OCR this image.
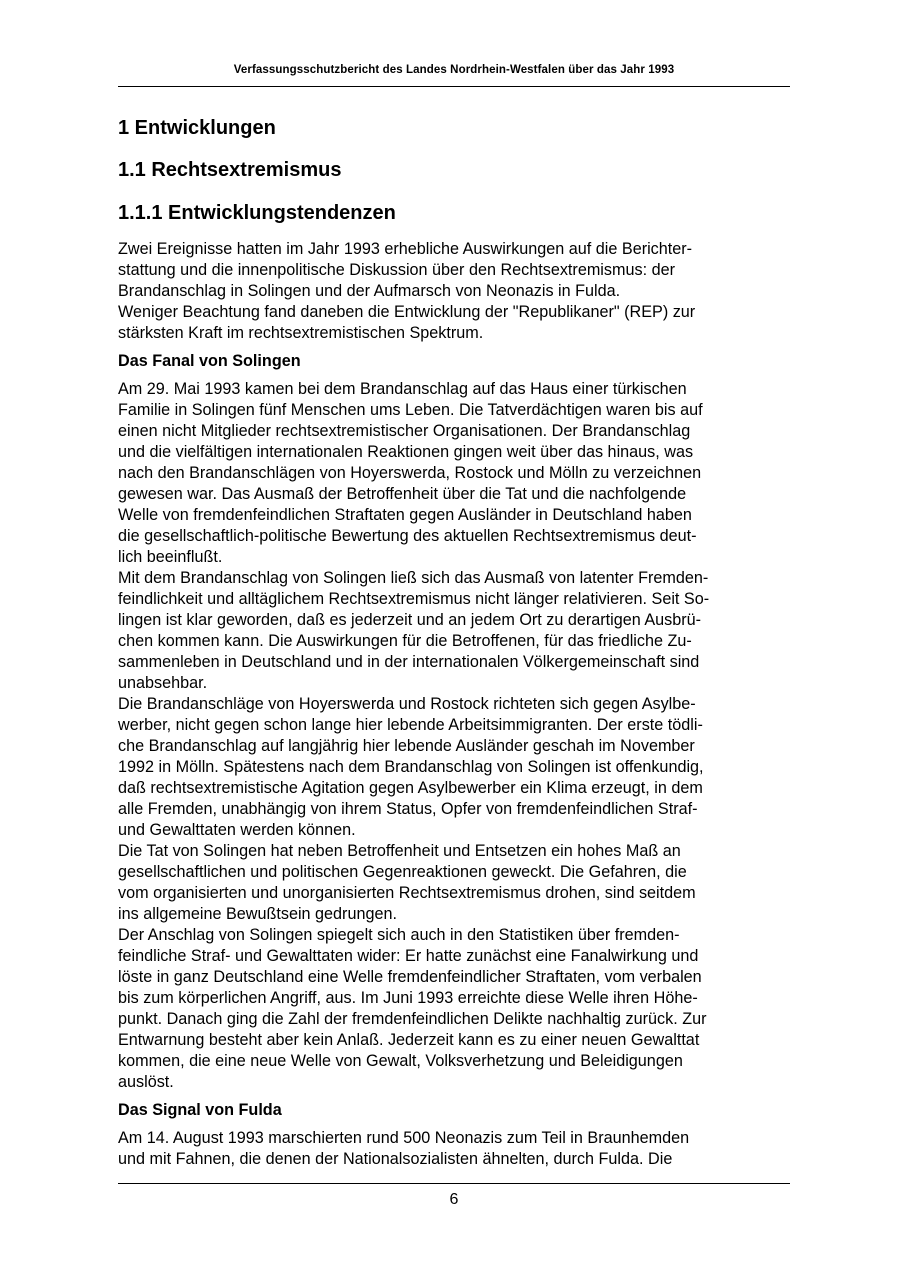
Verfassungsschutzbericht des Landes Nordrhein-Westfalen über das Jahr 1993
1 Entwicklungen
1.1 Rechtsextremismus
1.1.1 Entwicklungstendenzen
Zwei Ereignisse hatten im Jahr 1993 erhebliche Auswirkungen auf die Berichter-
stattung und die innenpolitische Diskussion über den Rechtsextremismus: der
Brandanschlag in Solingen und der Aufmarsch von Neonazis in Fulda.
Weniger Beachtung fand daneben die Entwicklung der "Republikaner" (REP) zur
stärksten Kraft im rechtsextremistischen Spektrum.
Das Fanal von Solingen
Am 29. Mai 1993 kamen bei dem Brandanschlag auf das Haus einer türkischen
Familie in Solingen fünf Menschen ums Leben. Die Tatverdächtigen waren bis auf
einen nicht Mitglieder rechtsextremistischer Organisationen. Der Brandanschlag
und die vielfältigen internationalen Reaktionen gingen weit über das hinaus, was
nach den Brandanschlägen von Hoyerswerda, Rostock und Mölln zu verzeichnen
gewesen war. Das Ausmaß der Betroffenheit über die Tat und die nachfolgende
Welle von fremdenfeindlichen Straftaten gegen Ausländer in Deutschland haben
die gesellschaftlich-politische Bewertung des aktuellen Rechtsextremismus deut-
lich beeinflußt.
Mit dem Brandanschlag von Solingen ließ sich das Ausmaß von latenter Fremden-
feindlichkeit und alltäglichem Rechtsextremismus nicht länger relativieren. Seit So-
lingen ist klar geworden, daß es jederzeit und an jedem Ort zu derartigen Ausbrü-
chen kommen kann. Die Auswirkungen für die Betroffenen, für das friedliche Zu-
sammenleben in Deutschland und in der internationalen Völkergemeinschaft sind
unabsehbar.
Die Brandanschläge von Hoyerswerda und Rostock richteten sich gegen Asylbe-
werber, nicht gegen schon lange hier lebende Arbeitsimmigranten. Der erste tödli-
che Brandanschlag auf langjährig hier lebende Ausländer geschah im November
1992 in Mölln. Spätestens nach dem Brandanschlag von Solingen ist offenkundig,
daß rechtsextremistische Agitation gegen Asylbewerber ein Klima erzeugt, in dem
alle Fremden, unabhängig von ihrem Status, Opfer von fremdenfeindlichen Straf-
und Gewalttaten werden können.
Die Tat von Solingen hat neben Betroffenheit und Entsetzen ein hohes Maß an
gesellschaftlichen und politischen Gegenreaktionen geweckt. Die Gefahren, die
vom organisierten und unorganisierten Rechtsextremismus drohen, sind seitdem
ins allgemeine Bewußtsein gedrungen.
Der Anschlag von Solingen spiegelt sich auch in den Statistiken über fremden-
feindliche Straf- und Gewalttaten wider: Er hatte zunächst eine Fanalwirkung und
löste in ganz Deutschland eine Welle fremdenfeindlicher Straftaten, vom verbalen
bis zum körperlichen Angriff, aus. Im Juni 1993 erreichte diese Welle ihren Höhe-
punkt. Danach ging die Zahl der fremdenfeindlichen Delikte nachhaltig zurück. Zur
Entwarnung besteht aber kein Anlaß. Jederzeit kann es zu einer neuen Gewalttat
kommen, die eine neue Welle von Gewalt, Volksverhetzung und Beleidigungen
auslöst.
Das Signal von Fulda
Am 14. August 1993 marschierten rund 500 Neonazis zum Teil in Braunhemden
und mit Fahnen, die denen der Nationalsozialisten ähnelten, durch Fulda. Die
6
